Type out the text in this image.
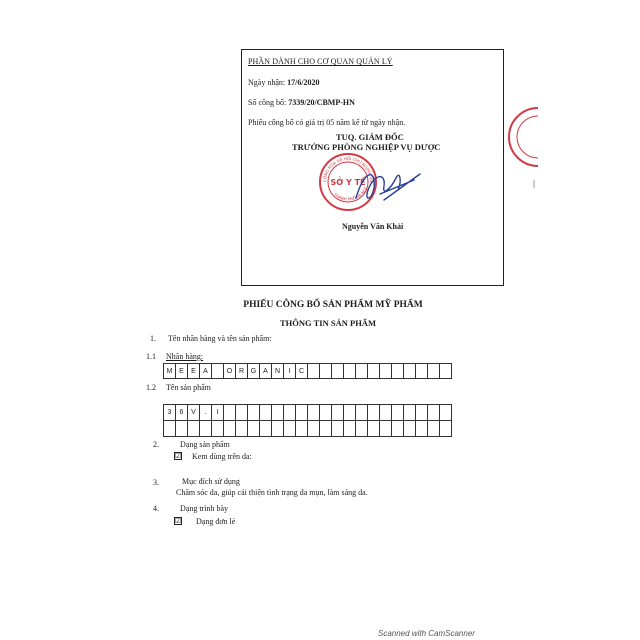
PHẦN DÀNH CHO CƠ QUAN QUẢN LÝ
Ngày nhận: 17/6/2020
Số công bố: 7339/20/CBMP-HN
Phiếu công bố có giá trị 05 năm kể từ ngày nhận.
TUQ. GIÁM ĐỐC
TRƯỞNG PHÒNG NGHIỆP VỤ DƯỢC
CỘNG HÒA XÃ HỘI CHỦ NGHĨA VIỆ
THÀNH PHỐ HÀ NỘI
SỞ Y TẾ
Nguyễn Văn Khải
PHIẾU CÔNG BỐ SẢN PHẨM MỸ PHẨM
THÔNG TIN SẢN PHẨM
1. Tên nhãn hàng và tên sản phẩm:
1.1 Nhãn hàng:
M E	E	A	O R G A	N	I	C
1.2 Tên sản phẩm
3	6	V	.	I
2.	Dạng sản phẩm
☑ Kem dùng trên da:
3.	Mục đích sử dụng
Chăm sóc da, giúp cải thiện tình trạng da mụn, làm sáng da.
4.	Dạng trình bày
☑ Dạng đơn lẻ
Scanned with CamScanner
